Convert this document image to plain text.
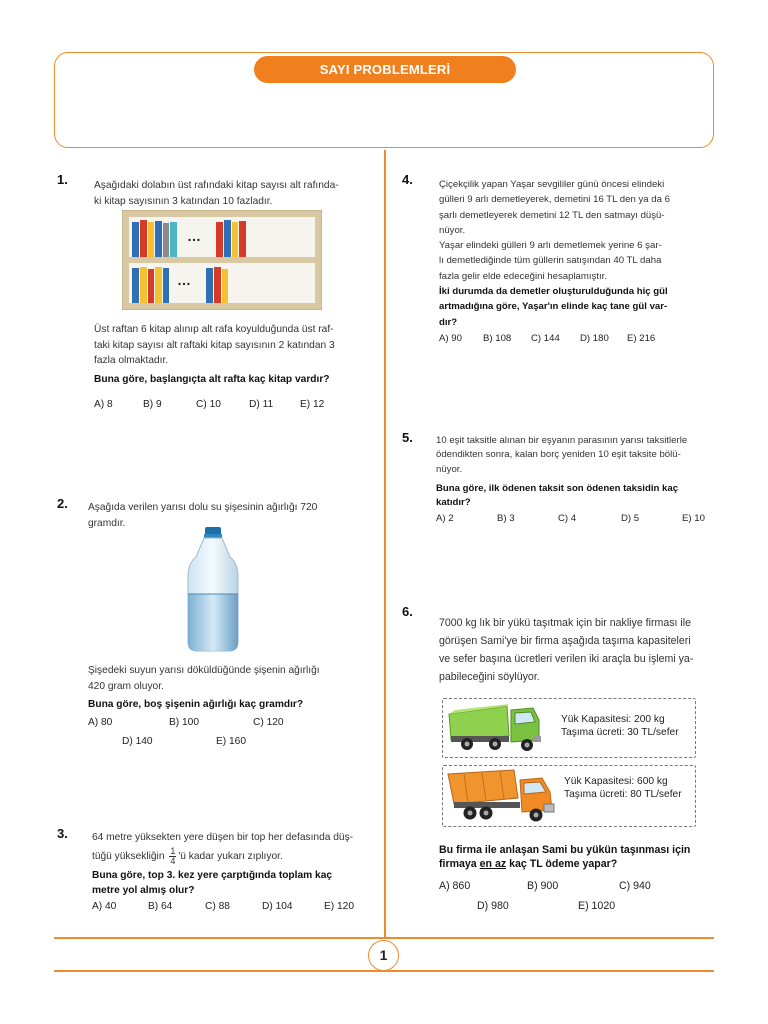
SAYI PROBLEMLERİ
1
1.	Aşağıdaki dolabın üst rafındaki kitap sayısı alt rafında-
ki kitap sayısının 3 katından 10 fazladır.
…
…
Üst raftan 6 kitap alınıp alt rafa koyulduğunda üst raf-
taki kitap sayısı alt raftaki kitap sayısının 2 katından 3
fazla olmaktadır.
Buna göre, başlangıçta alt rafta kaç kitap vardır?
A) 8	B) 9	C) 10	D) 11	E) 12
2. Aşağıda verilen yarısı dolu su şişesinin ağırlığı 720
gramdır.
Şişedeki suyun yarısı döküldüğünde şişenin ağırlığı
420 gram oluyor.
Buna göre, boş şişenin ağırlığı kaç gramdır?
A) 80	B) 100	C) 120
D) 140	E) 160
3. 64 metre yüksekten yere düşen bir top her defasında düş-
tüğü yüksekliğin $\frac{1}{4}$ 'ü kadar yukarı zıplıyor.
Buna göre, top 3. kez yere çarptığında toplam kaç
metre yol almış olur?
A) 40	B) 64	C) 88	D) 104	E) 120
4.	Çiçekçilik yapan Yaşar sevgililer günü öncesi elindeki
gülleri 9 arlı demetleyerek, demetini 16 TL den ya da 6
şarlı demetleyerek demetini 12 TL den satmayı düşü-
nüyor.
Yaşar elindeki gülleri 9 arlı demetlemek yerine 6 şar-
lı demetlediğinde tüm güllerin satışından 40 TL daha
fazla gelir elde edeceğini hesaplamıştır.
İki durumda da demetler oluşturulduğunda hiç gül
artmadığına göre, Yaşar'ın elinde kaç tane gül var-
dır?
A) 90 B) 108 C) 144 D) 180 E) 216
5. 10 eşit taksitle alınan bir eşyanın parasının yarısı taksitlerle
ödendikten sonra, kalan borç yeniden 10 eşit taksite bölü-
nüyor.
Buna göre, ilk ödenen taksit son ödenen taksidin kaç
katıdır?
A) 2	B) 3	C) 4	D) 5	E) 10
6.
7000 kg lık bir yükü taşıtmak için bir nakliye firması ile
görüşen Sami'ye bir firma aşağıda taşıma kapasiteleri
ve sefer başına ücretleri verilen iki araçla bu işlemi ya-
pabileceğini söylüyor.
Yük Kapasitesi: 200 kg
Taşıma ücreti: 30 TL/sefer
Yük Kapasitesi: 600 kg
Taşıma ücreti: 80 TL/sefer
Bu firma ile anlaşan Sami bu yükün taşınması için
firmaya en az kaç TL ödeme yapar?
A) 860	B) 900	C) 940
D) 980	E) 1020
